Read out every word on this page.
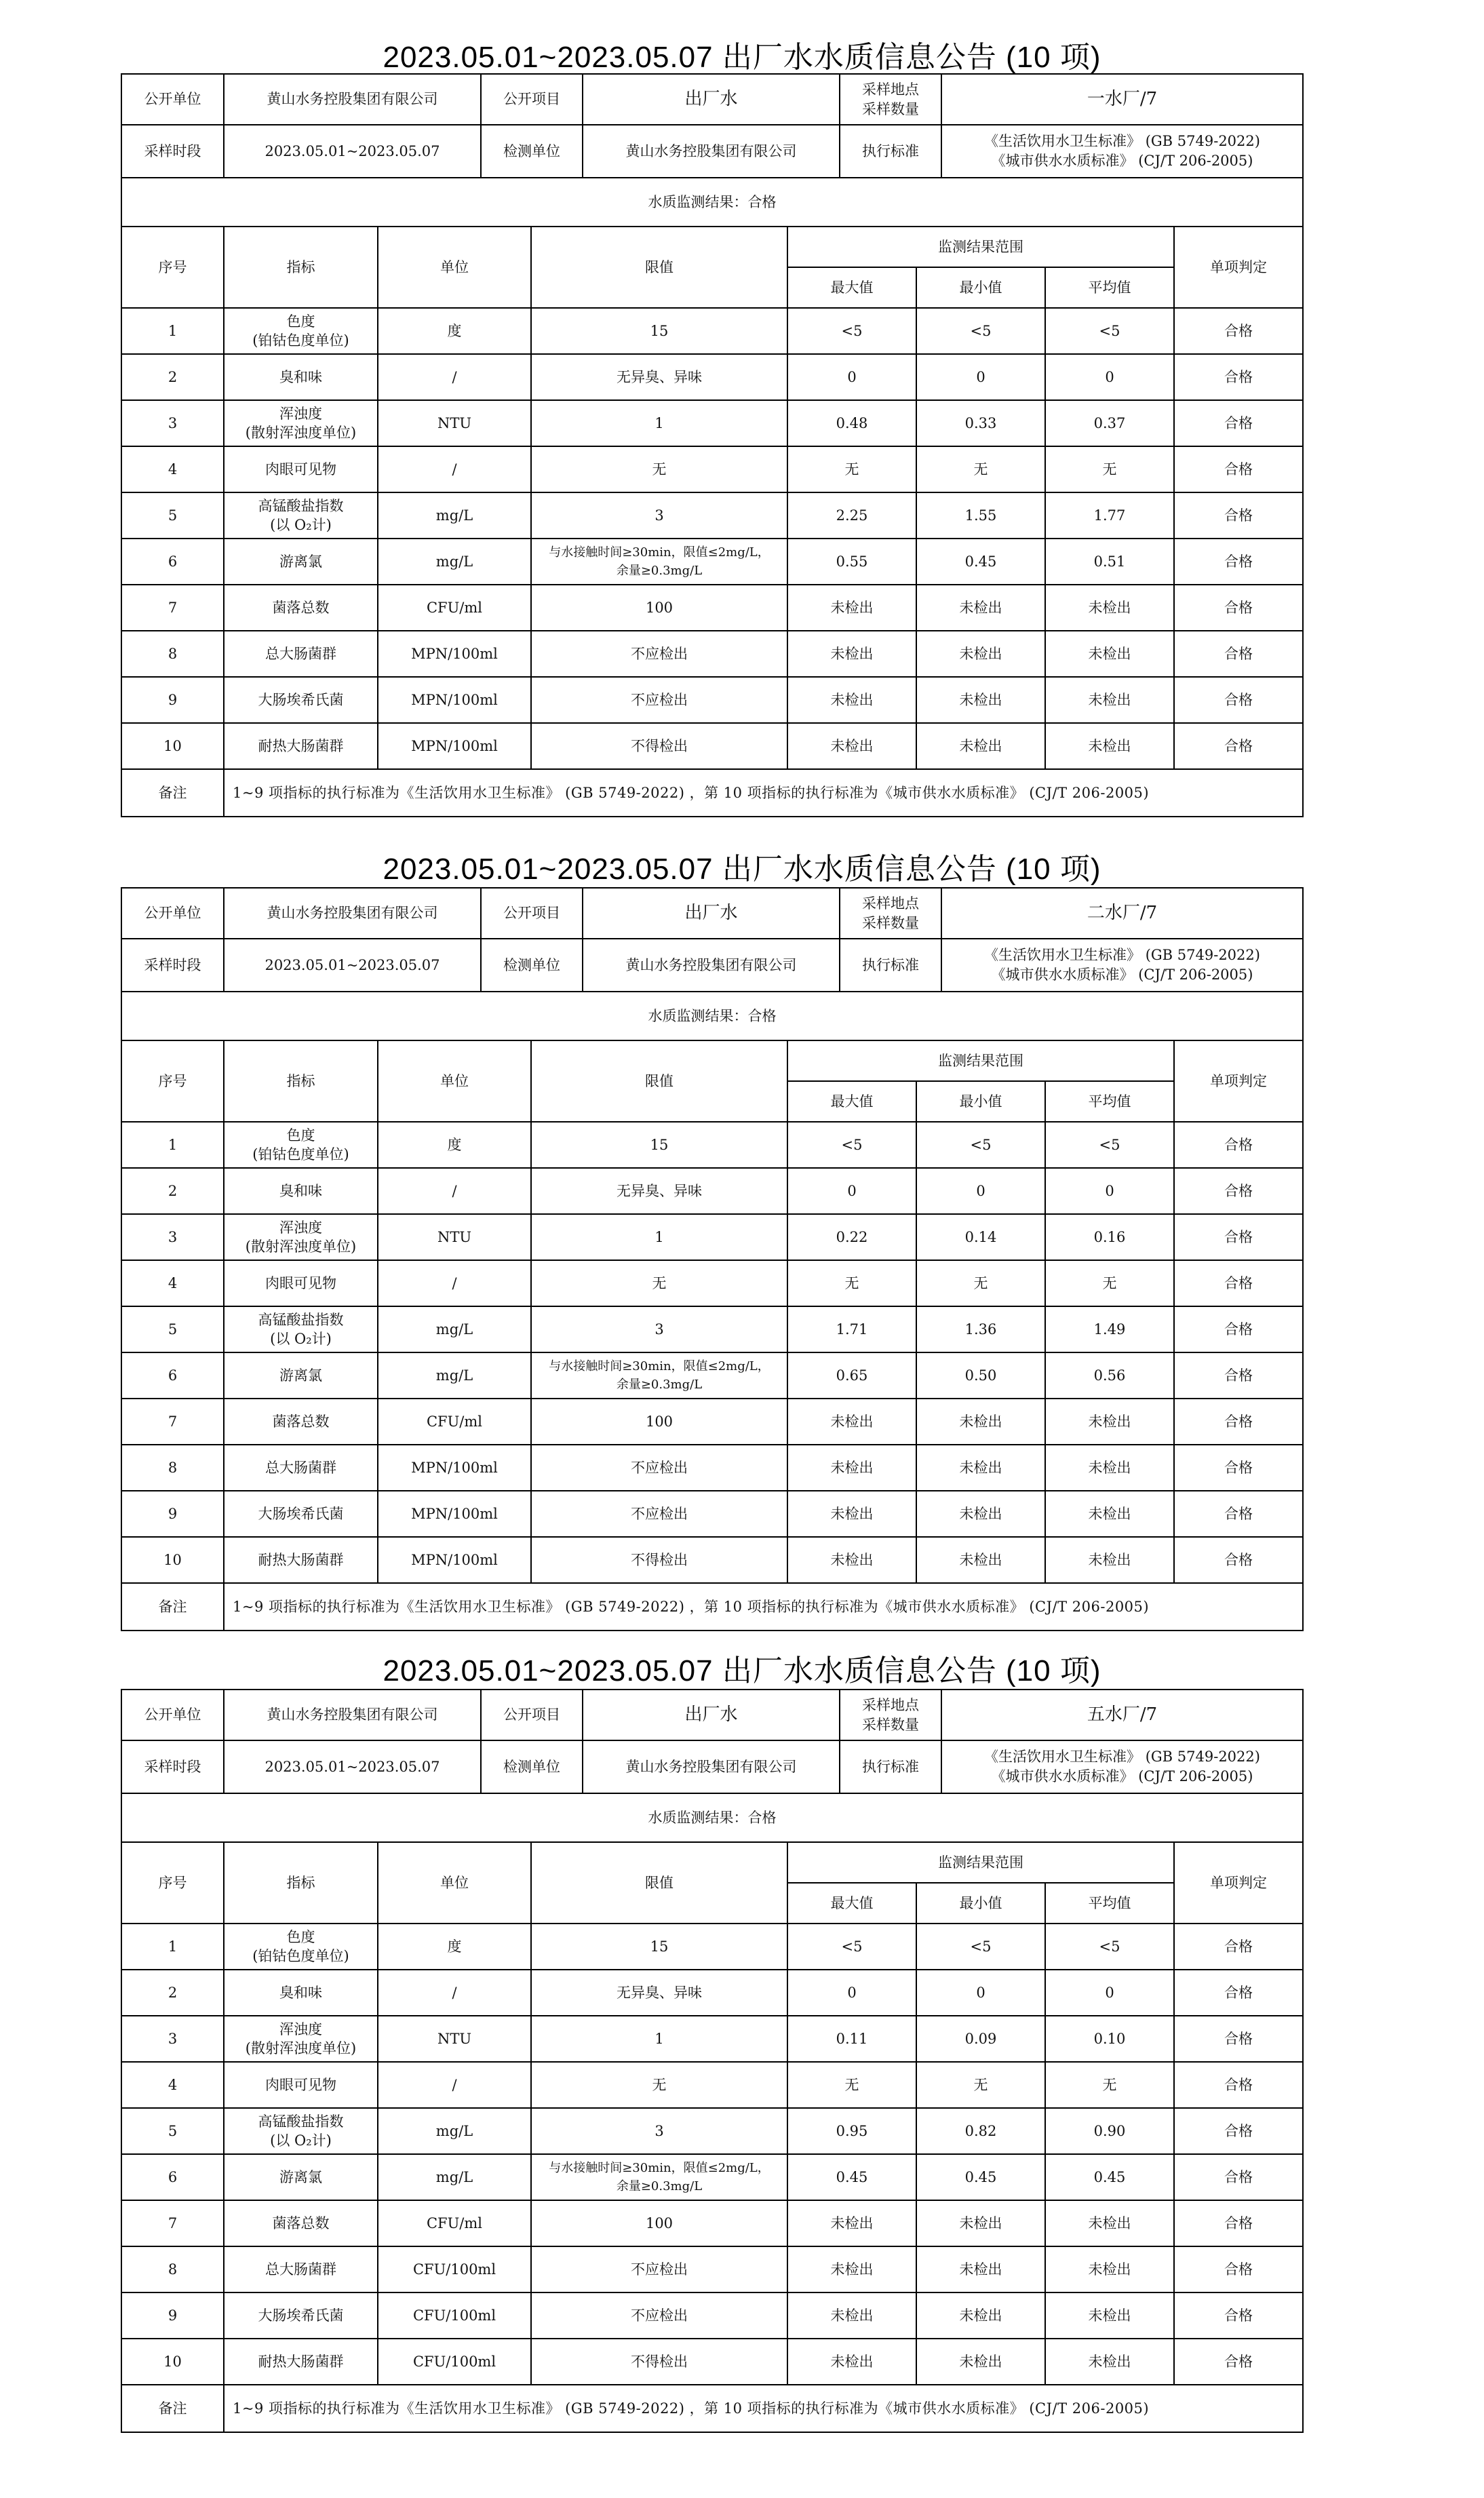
2023.05.01~2023.05.07 出厂水水质信息公告 (10 项)
公开单位	黄山水务控股集团有限公司	公开项目	出厂水	采样地点
采样数量	一水厂/7
采样时段	2023.05.01~2023.05.07	检测单位	黄山水务控股集团有限公司	执行标准	《生活饮用水卫生标准》 (GB 5749-2022)
《城市供水水质标准》 (CJ/T 206-2005)
水质监测结果：合格							
序号	指标	单位	限值	监测结果范围			单项判定
				最大值	最小值	平均值	
1	色度
(铂钴色度单位)	度	15	<5	<5	<5	合格
2	臭和味	/	无异臭、异味	0	0	0	合格
3	浑浊度
(散射浑浊度单位)	NTU	1	0.48	0.33	0.37	合格
4	肉眼可见物	/	无	无	无	无	合格
5	高锰酸盐指数
(以 O₂计)	mg/L	3	2.25	1.55	1.77	合格
6	游离氯	mg/L	与水接触时间≥30min，限值≤2mg/L，
余量≥0.3mg/L	0.55	0.45	0.51	合格
7	菌落总数	CFU/ml	100	未检出	未检出	未检出	合格
8	总大肠菌群	MPN/100ml	不应检出	未检出	未检出	未检出	合格
9	大肠埃希氏菌	MPN/100ml	不应检出	未检出	未检出	未检出	合格
10	耐热大肠菌群	MPN/100ml	不得检出	未检出	未检出	未检出	合格
备注	1~9 项指标的执行标准为《生活饮用水卫生标准》 (GB 5749-2022) ，第 10 项指标的执行标准为《城市供水水质标准》 (CJ/T 206-2005)						
2023.05.01~2023.05.07 出厂水水质信息公告 (10 项)
公开单位	黄山水务控股集团有限公司	公开项目	出厂水	采样地点
采样数量	二水厂/7
采样时段	2023.05.01~2023.05.07	检测单位	黄山水务控股集团有限公司	执行标准	《生活饮用水卫生标准》 (GB 5749-2022)
《城市供水水质标准》 (CJ/T 206-2005)
水质监测结果：合格							
序号	指标	单位	限值	监测结果范围			单项判定
				最大值	最小值	平均值	
1	色度
(铂钴色度单位)	度	15	<5	<5	<5	合格
2	臭和味	/	无异臭、异味	0	0	0	合格
3	浑浊度
(散射浑浊度单位)	NTU	1	0.22	0.14	0.16	合格
4	肉眼可见物	/	无	无	无	无	合格
5	高锰酸盐指数
(以 O₂计)	mg/L	3	1.71	1.36	1.49	合格
6	游离氯	mg/L	与水接触时间≥30min，限值≤2mg/L，
余量≥0.3mg/L	0.65	0.50	0.56	合格
7	菌落总数	CFU/ml	100	未检出	未检出	未检出	合格
8	总大肠菌群	MPN/100ml	不应检出	未检出	未检出	未检出	合格
9	大肠埃希氏菌	MPN/100ml	不应检出	未检出	未检出	未检出	合格
10	耐热大肠菌群	MPN/100ml	不得检出	未检出	未检出	未检出	合格
备注	1~9 项指标的执行标准为《生活饮用水卫生标准》 (GB 5749-2022) ，第 10 项指标的执行标准为《城市供水水质标准》 (CJ/T 206-2005)						
2023.05.01~2023.05.07 出厂水水质信息公告 (10 项)
公开单位	黄山水务控股集团有限公司	公开项目	出厂水	采样地点
采样数量	五水厂/7
采样时段	2023.05.01~2023.05.07	检测单位	黄山水务控股集团有限公司	执行标准	《生活饮用水卫生标准》 (GB 5749-2022)
《城市供水水质标准》 (CJ/T 206-2005)
水质监测结果：合格							
序号	指标	单位	限值	监测结果范围			单项判定
				最大值	最小值	平均值	
1	色度
(铂钴色度单位)	度	15	<5	<5	<5	合格
2	臭和味	/	无异臭、异味	0	0	0	合格
3	浑浊度
(散射浑浊度单位)	NTU	1	0.11	0.09	0.10	合格
4	肉眼可见物	/	无	无	无	无	合格
5	高锰酸盐指数
(以 O₂计)	mg/L	3	0.95	0.82	0.90	合格
6	游离氯	mg/L	与水接触时间≥30min，限值≤2mg/L，
余量≥0.3mg/L	0.45	0.45	0.45	合格
7	菌落总数	CFU/ml	100	未检出	未检出	未检出	合格
8	总大肠菌群	CFU/100ml	不应检出	未检出	未检出	未检出	合格
9	大肠埃希氏菌	CFU/100ml	不应检出	未检出	未检出	未检出	合格
10	耐热大肠菌群	CFU/100ml	不得检出	未检出	未检出	未检出	合格
备注	1~9 项指标的执行标准为《生活饮用水卫生标准》 (GB 5749-2022) ，第 10 项指标的执行标准为《城市供水水质标准》 (CJ/T 206-2005)						
